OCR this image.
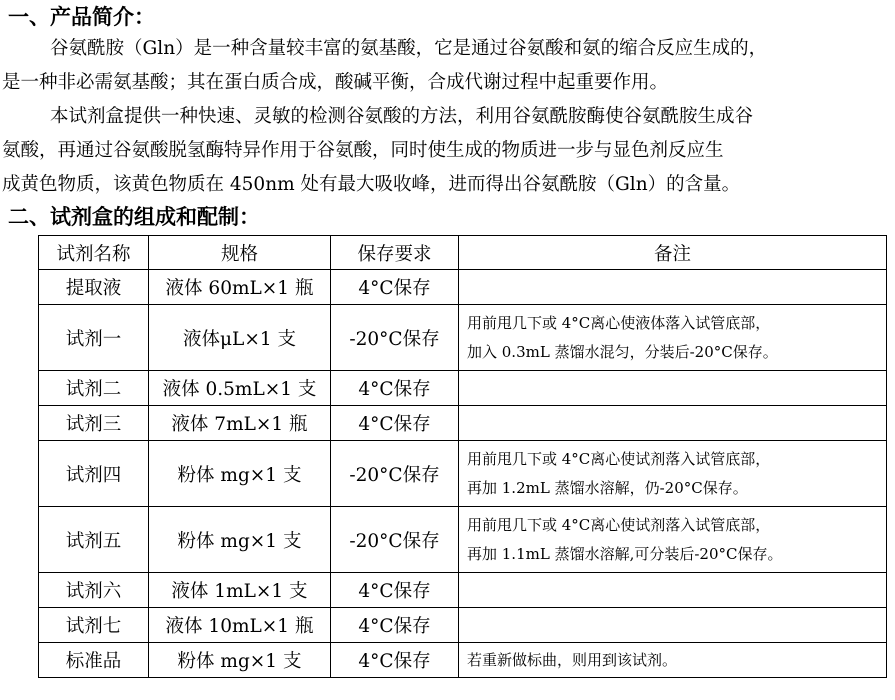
一、产品简介：
谷氨酰胺（Gln）是一种含量较丰富的氨基酸，它是通过谷氨酸和氨的缩合反应生成的，
是一种非必需氨基酸；其在蛋白质合成，酸碱平衡，合成代谢过程中起重要作用。
本试剂盒提供一种快速、灵敏的检测谷氨酸的方法，利用谷氨酰胺酶使谷氨酰胺生成谷
氨酸，再通过谷氨酸脱氢酶特异作用于谷氨酸，同时使生成的物质进一步与显色剂反应生
成黄色物质，该黄色物质在 450nm 处有最大吸收峰，进而得出谷氨酰胺（Gln）的含量。
二、试剂盒的组成和配制：
试剂名称	规格	保存要求	备注
提取液	液体 60mL×1 瓶	4°C保存	
试剂一	液体μL×1 支	-20°C保存	用前甩几下或 4°C离心使液体落入试管底部，
加入 0.3mL 蒸馏水混匀，分装后-20°C保存。

试剂二	液体 0.5mL×1 支	4°C保存	
试剂三	液体 7mL×1 瓶	4°C保存	
试剂四	粉体 mg×1 支	-20°C保存	用前甩几下或 4°C离心使试剂落入试管底部，
再加 1.2mL 蒸馏水溶解，仍-20°C保存。

试剂五	粉体 mg×1 支	-20°C保存	用前甩几下或 4°C离心使试剂落入试管底部，
再加 1.1mL 蒸馏水溶解,可分装后-20°C保存。

试剂六	液体 1mL×1 支	4°C保存	
试剂七	液体 10mL×1 瓶	4°C保存	
标准品	粉体 mg×1 支	4°C保存	若重新做标曲，则用到该试剂。
